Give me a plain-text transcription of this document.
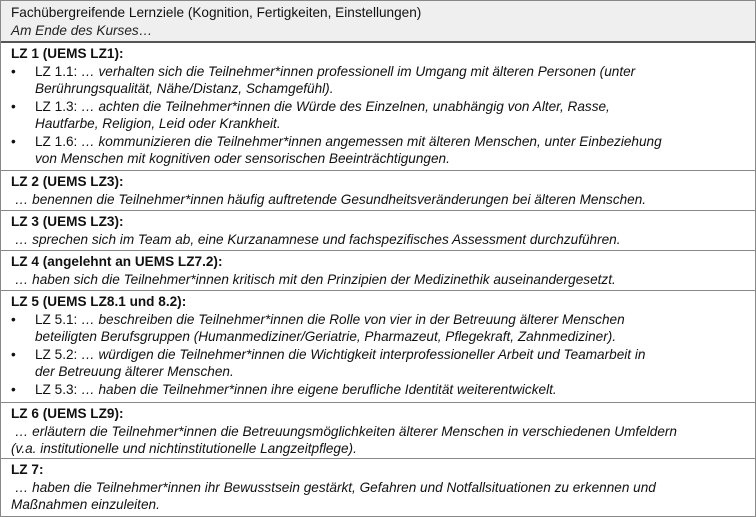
Fachübergreifende Lernziele (Kognition, Fertigkeiten, Einstellungen)
Am Ende des Kurses…
LZ 1 (UEMS LZ1):
• LZ 1.1: … verhalten sich die Teilnehmer*innen professionell im Umgang mit älteren Personen (unter
Berührungsqualität, Nähe/Distanz, Schamgefühl).
• LZ 1.3: … achten die Teilnehmer*innen die Würde des Einzelnen, unabhängig von Alter, Rasse,
Hautfarbe, Religion, Leid oder Krankheit.
• LZ 1.6: … kommunizieren die Teilnehmer*innen angemessen mit älteren Menschen, unter Einbeziehung
von Menschen mit kognitiven oder sensorischen Beeinträchtigungen.
LZ 2 (UEMS LZ3):
… benennen die Teilnehmer*innen häufig auftretende Gesundheitsveränderungen bei älteren Menschen.
LZ 3 (UEMS LZ3):
… sprechen sich im Team ab, eine Kurzanamnese und fachspezifisches Assessment durchzuführen.
LZ 4 (angelehnt an UEMS LZ7.2):
… haben sich die Teilnehmer*innen kritisch mit den Prinzipien der Medizinethik auseinandergesetzt.
LZ 5 (UEMS LZ8.1 und 8.2):
• LZ 5.1: … beschreiben die Teilnehmer*innen die Rolle von vier in der Betreuung älterer Menschen
beteiligten Berufsgruppen (Humanmediziner/Geriatrie, Pharmazeut, Pflegekraft, Zahnmediziner).
• LZ 5.2: … würdigen die Teilnehmer*innen die Wichtigkeit interprofessioneller Arbeit und Teamarbeit in
der Betreuung älterer Menschen.
• LZ 5.3: … haben die Teilnehmer*innen ihre eigene berufliche Identität weiterentwickelt.
LZ 6 (UEMS LZ9):
… erläutern die Teilnehmer*innen die Betreuungsmöglichkeiten älterer Menschen in verschiedenen Umfeldern
(v.a. institutionelle und nichtinstitutionelle Langzeitpflege).
LZ 7:
… haben die Teilnehmer*innen ihr Bewusstsein gestärkt, Gefahren und Notfallsituationen zu erkennen und
Maßnahmen einzuleiten.
